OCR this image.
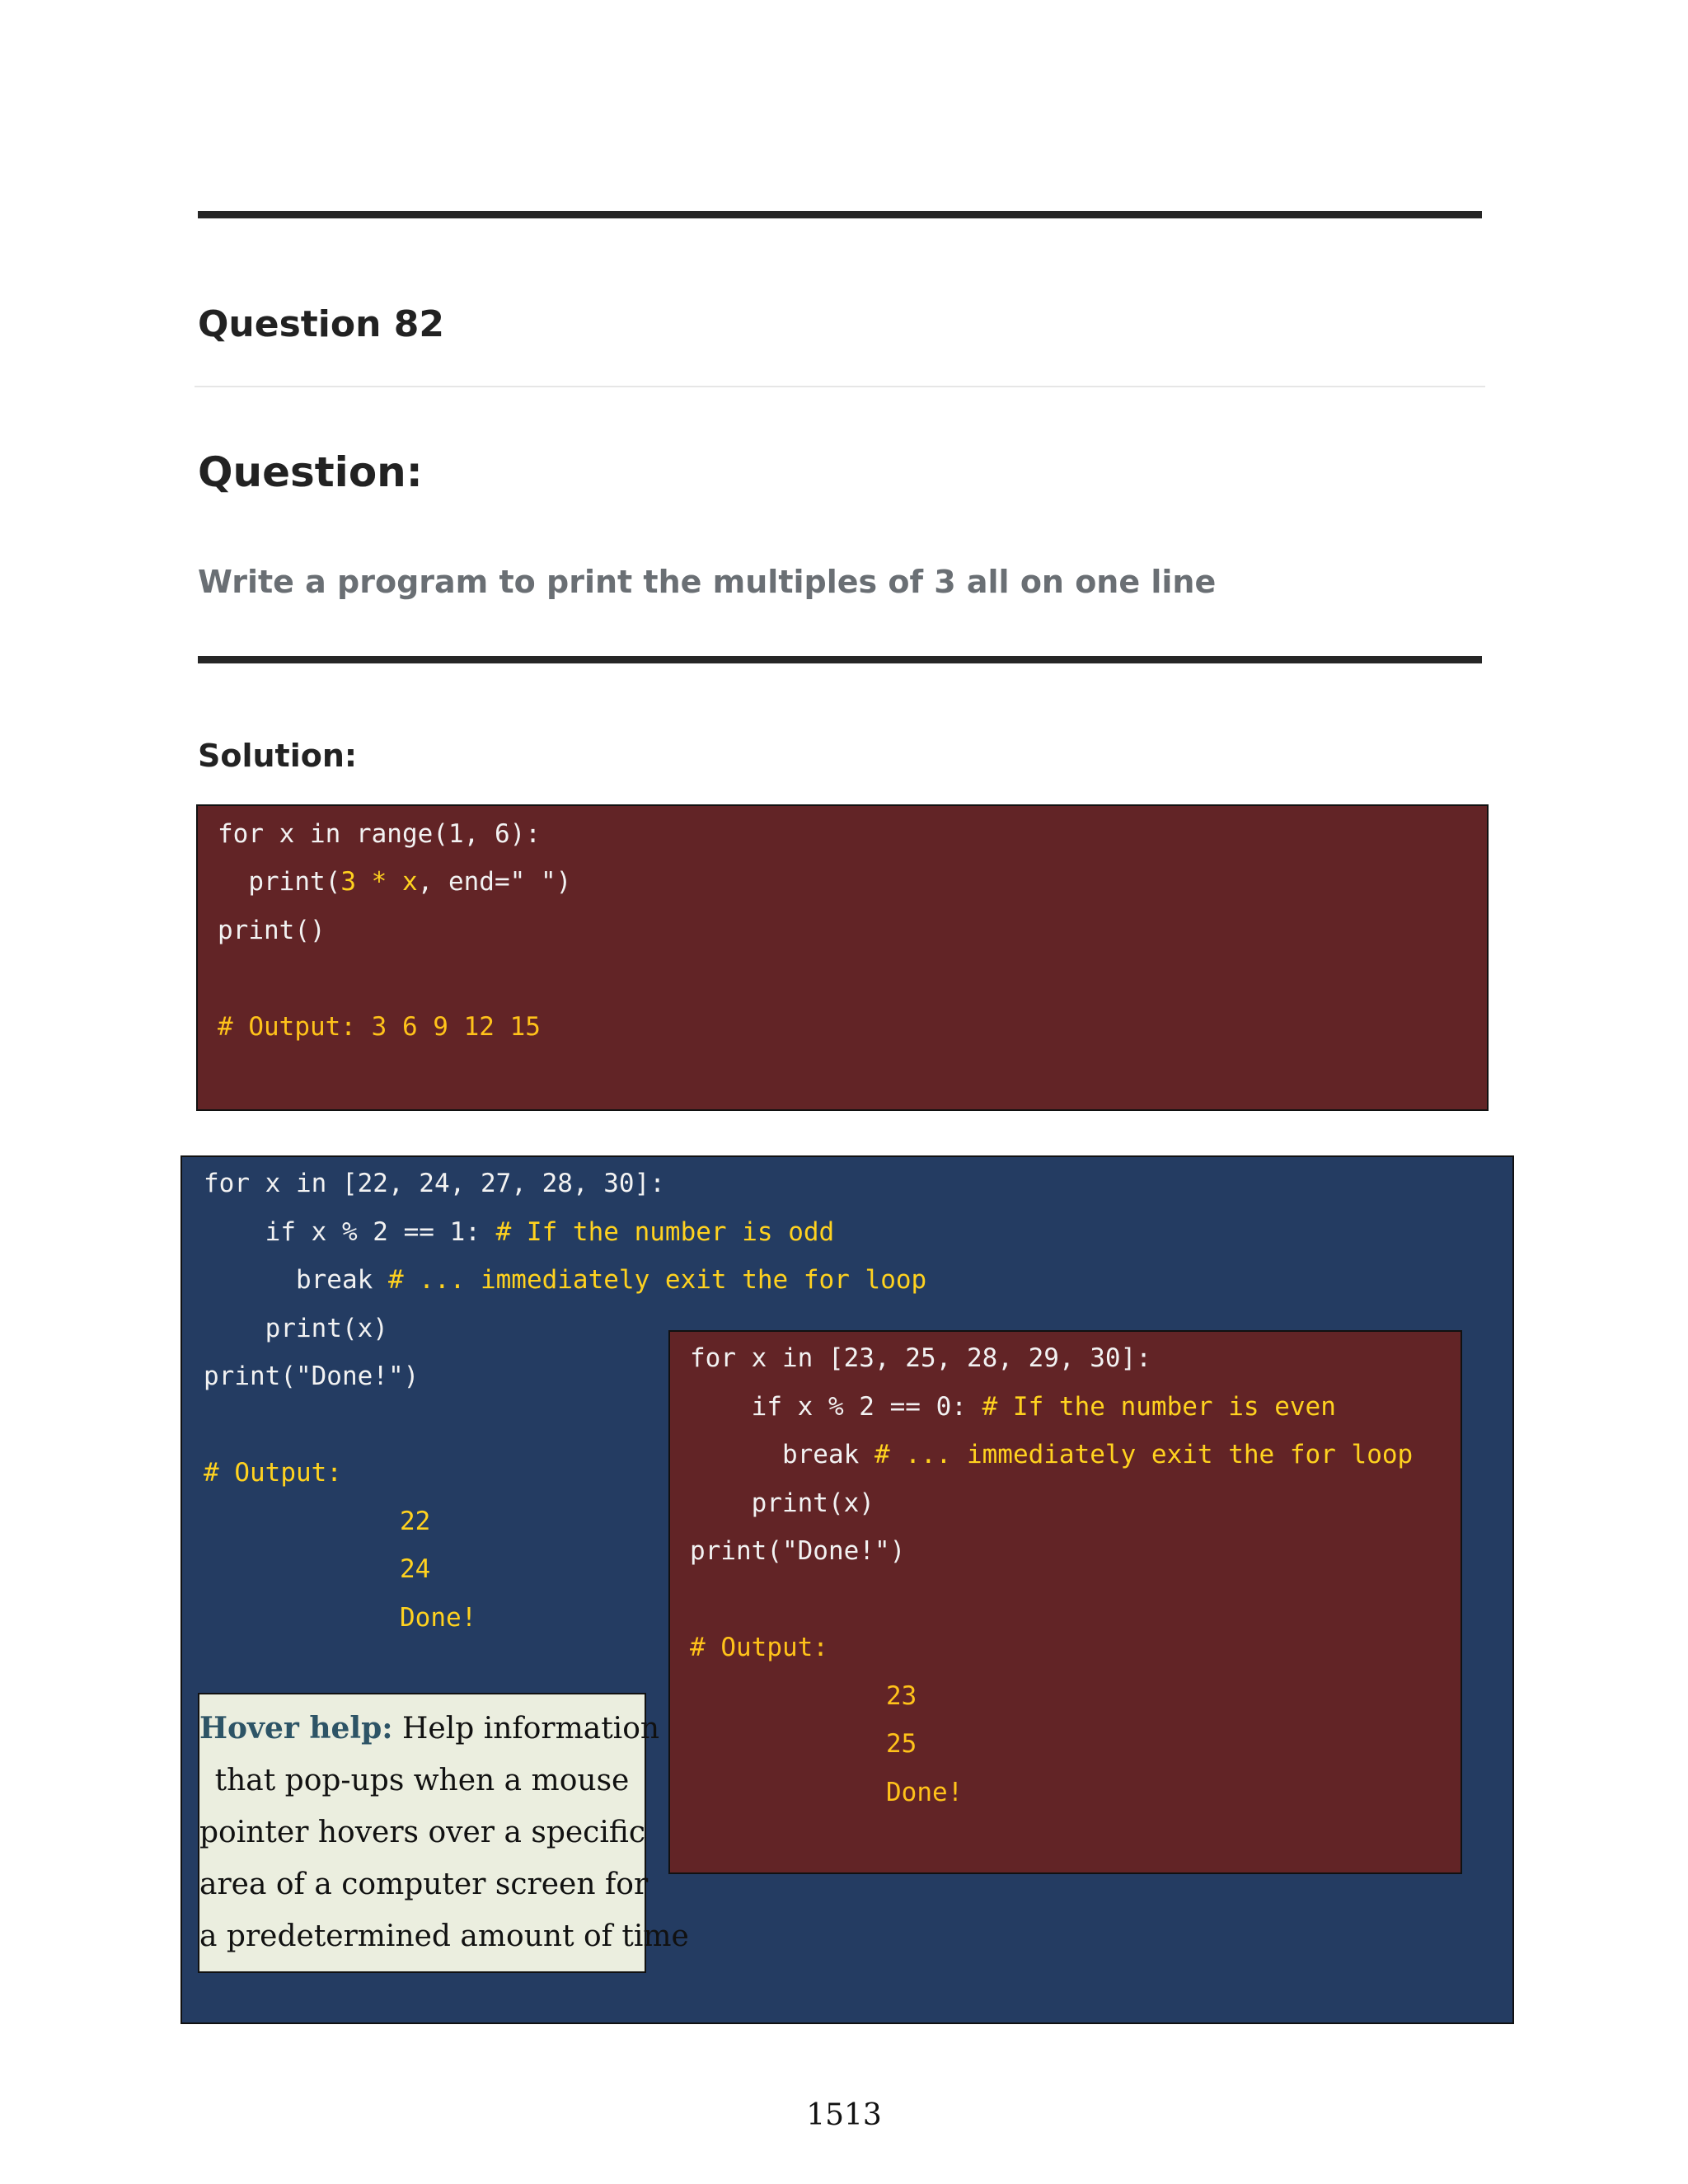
Question 82
Question:

Write a program to print the multiples of 3 all on one line

Solution:
for x in range(1, 6):
print(3 * x, end=" ")
print()
# Output: 3 6 9 12 15
for x in [22, 24, 27, 28, 30]:
if x % 2 == 1: # If the number is odd
break # ... immediately exit the for loop
print(x)
print("Done!")
# Output:
22
24
Done!
for x in [23, 25, 28, 29, 30]:
if x % 2 == 0: # If the number is even
break # ... immediately exit the for loop
print(x)
print("Done!")
# Output:
23
25
Done!
Hover help: Help information
that pop-ups when a mouse
pointer hovers over a specific
area of a computer screen for
a predetermined amount of time
1513
